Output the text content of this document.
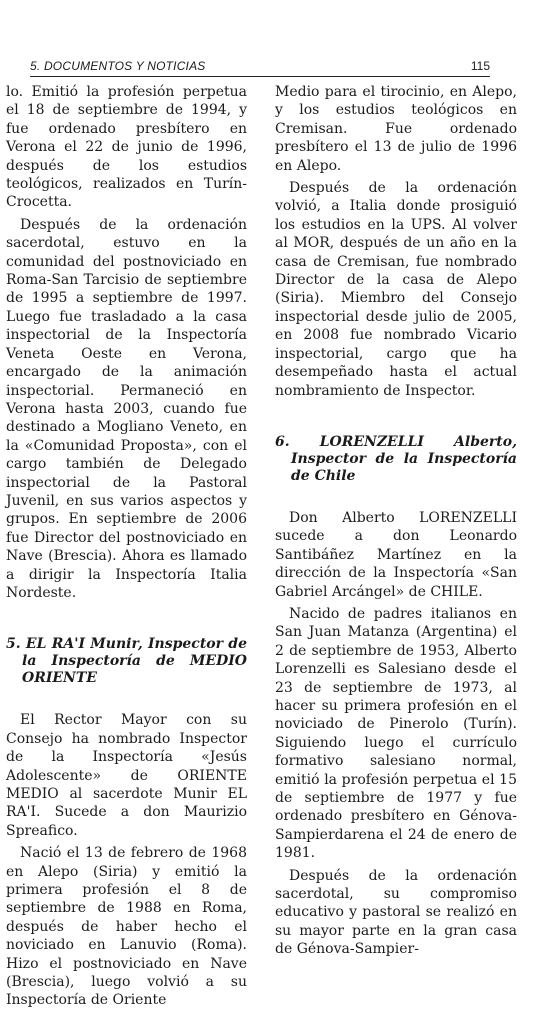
5. DOCUMENTOS Y NOTICIAS	115

lo. Emitió la profesión perpetua el 18 de septiembre de 1994, y fue ordenado presbítero en Verona el 22 de junio de 1996, después de los estudios teológicos, realizados en Turín-Crocetta.

Después de la ordenación sacerdotal, estuvo en la comunidad del postnoviciado en Roma-San Tarcisio de septiembre de 1995 a septiembre de 1997. Luego fue trasladado a la casa inspectorial de la Inspectoría Veneta Oeste en Verona, encargado de la animación inspectorial. Permaneció en Verona hasta 2003, cuando fue destinado a Mogliano Veneto, en la «Comunidad Proposta», con el cargo también de Delegado inspectorial de la Pastoral Juvenil, en sus varios aspectos y grupos. En septiembre de 2006 fue Director del postnoviciado en Nave (Brescia). Ahora es llamado a dirigir la Inspectoría Italia Nordeste.

5. EL RA'I Munir, Inspector de la Inspectoría de MEDIO ORIENTE

El Rector Mayor con su Consejo ha nombrado Inspector de la Inspectoría «Jesús Adolescente» de ORIENTE MEDIO al sacerdote Munir EL RA'I. Sucede a don Maurizio Spreafico.

Nació el 13 de febrero de 1968 en Alepo (Siria) y emitió la primera profesión el 8 de septiembre de 1988 en Roma, después de haber hecho el noviciado en Lanuvio (Roma). Hizo el postnoviciado en Nave (Brescia), luego volvió a su Inspectoría de Oriente

Medio para el tirocinio, en Alepo, y los estudios teológicos en Cremisan. Fue ordenado presbítero el 13 de julio de 1996 en Alepo.

Después de la ordenación volvió, a Italia donde prosiguió los estudios en la UPS. Al volver al MOR, después de un año en la casa de Cremisan, fue nombrado Director de la casa de Alepo (Siria). Miembro del Consejo inspectorial desde julio de 2005, en 2008 fue nombrado Vicario inspectorial, cargo que ha desempeñado hasta el actual nombramiento de Inspector.

6. LORENZELLI Alberto, Inspector de la Inspectoría de Chile

Don Alberto LORENZELLI sucede a don Leonardo Santibáñez Martínez en la dirección de la Inspectoría «San Gabriel Arcángel» de CHILE.

Nacido de padres italianos en San Juan Matanza (Argentina) el 2 de septiembre de 1953, Alberto Lorenzelli es Salesiano desde el 23 de septiembre de 1973, al hacer su primera profesión en el noviciado de Pinerolo (Turín). Siguiendo luego el currículo formativo salesiano normal, emitió la profesión perpetua el 15 de septiembre de 1977 y fue ordenado presbítero en Génova-Sampierdarena el 24 de enero de 1981.

Después de la ordenación sacerdotal, su compromiso educativo y pastoral se realizó en su mayor parte en la gran casa de Génova-Sampier-
